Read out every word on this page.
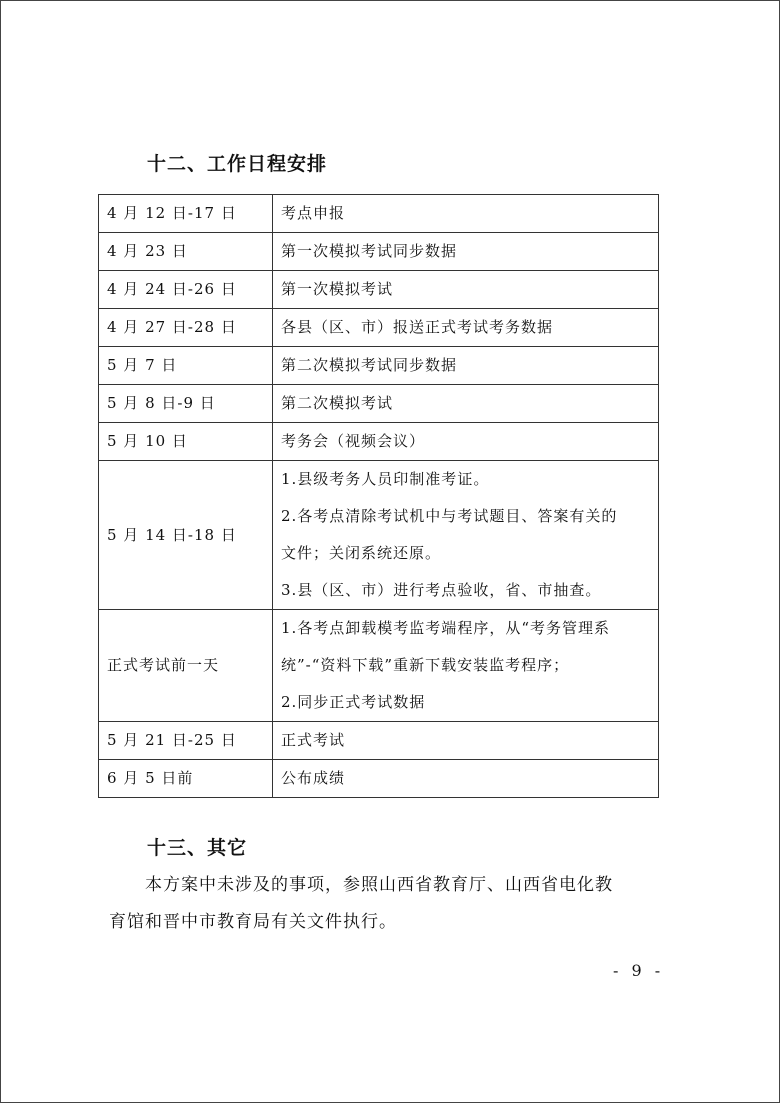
十二、工作日程安排
4 月 12 日-17 日	考点申报

4 月 23 日	第一次模拟考试同步数据

4 月 24 日-26 日	第一次模拟考试

4 月 27 日-28 日	各县（区、市）报送正式考试考务数据

5 月 7 日	第二次模拟考试同步数据

5 月 8 日-9 日	第二次模拟考试

5 月 10 日	考务会（视频会议）

5 月 14 日-18 日	1.县级考务人员印制准考证。
2.各考点清除考试机中与考试题目、答案有关的
文件；关闭系统还原。
3.县（区、市）进行考点验收，省、市抽查。

正式考试前一天	1.各考点卸载模考监考端程序，从“考务管理系
统”-“资料下载”重新下载安装监考程序；
2.同步正式考试数据

5 月 21 日-25 日	正式考试

6 月 5 日前	公布成绩
十三、其它
本方案中未涉及的事项，参照山西省教育厅、山西省电化教
育馆和晋中市教育局有关文件执行。
- 9 -
